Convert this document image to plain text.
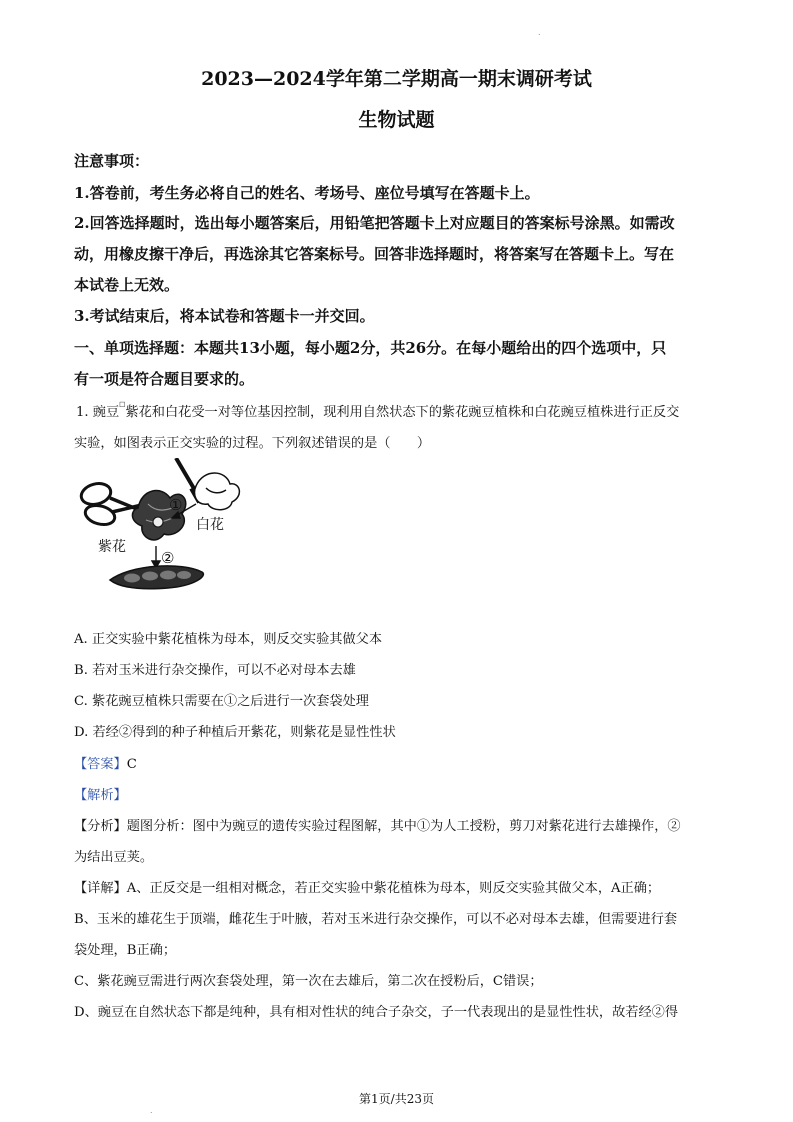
.
2023—2024学年第二学期高一期末调研考试
生物试题
注意事项：
1.答卷前，考生务必将自己的姓名、考场号、座位号填写在答题卡上。
2.回答选择题时，选出每小题答案后，用铅笔把答题卡上对应题目的答案标号涂黑。如需改
动，用橡皮擦干净后，再选涂其它答案标号。回答非选择题时，将答案写在答题卡上。写在
本试卷上无效。
3.考试结束后，将本试卷和答题卡一并交回。
一、单项选择题：本题共13小题，每小题2分，共26分。在每小题给出的四个选项中，只
有一项是符合题目要求的。
1. 豌豆☐紫花和白花受一对等位基因控制，现利用自然状态下的紫花豌豆植株和白花豌豆植株进行正反交
实验，如图表示正交实验的过程。下列叙述错误的是（　　）
①
白花
紫花
②
A. 正交实验中紫花植株为母本，则反交实验其做父本
B. 若对玉米进行杂交操作，可以不必对母本去雄
C. 紫花豌豆植株只需要在①之后进行一次套袋处理
D. 若经②得到的种子种植后开紫花，则紫花是显性性状
【答案】C
【解析】
【分析】题图分析：图中为豌豆的遗传实验过程图解，其中①为人工授粉，剪刀对紫花进行去雄操作，②
为结出豆荚。
【详解】A、正反交是一组相对概念，若正交实验中紫花植株为母本，则反交实验其做父本，A正确；
B、玉米的雄花生于顶端，雌花生于叶腋，若对玉米进行杂交操作，可以不必对母本去雄，但需要进行套
袋处理，B正确；
C、紫花豌豆需进行两次套袋处理，第一次在去雄后，第二次在授粉后，C错误；
D、豌豆在自然状态下都是纯种，具有相对性状的纯合子杂交，子一代表现出的是显性性状，故若经②得
第1页/共23页
.
